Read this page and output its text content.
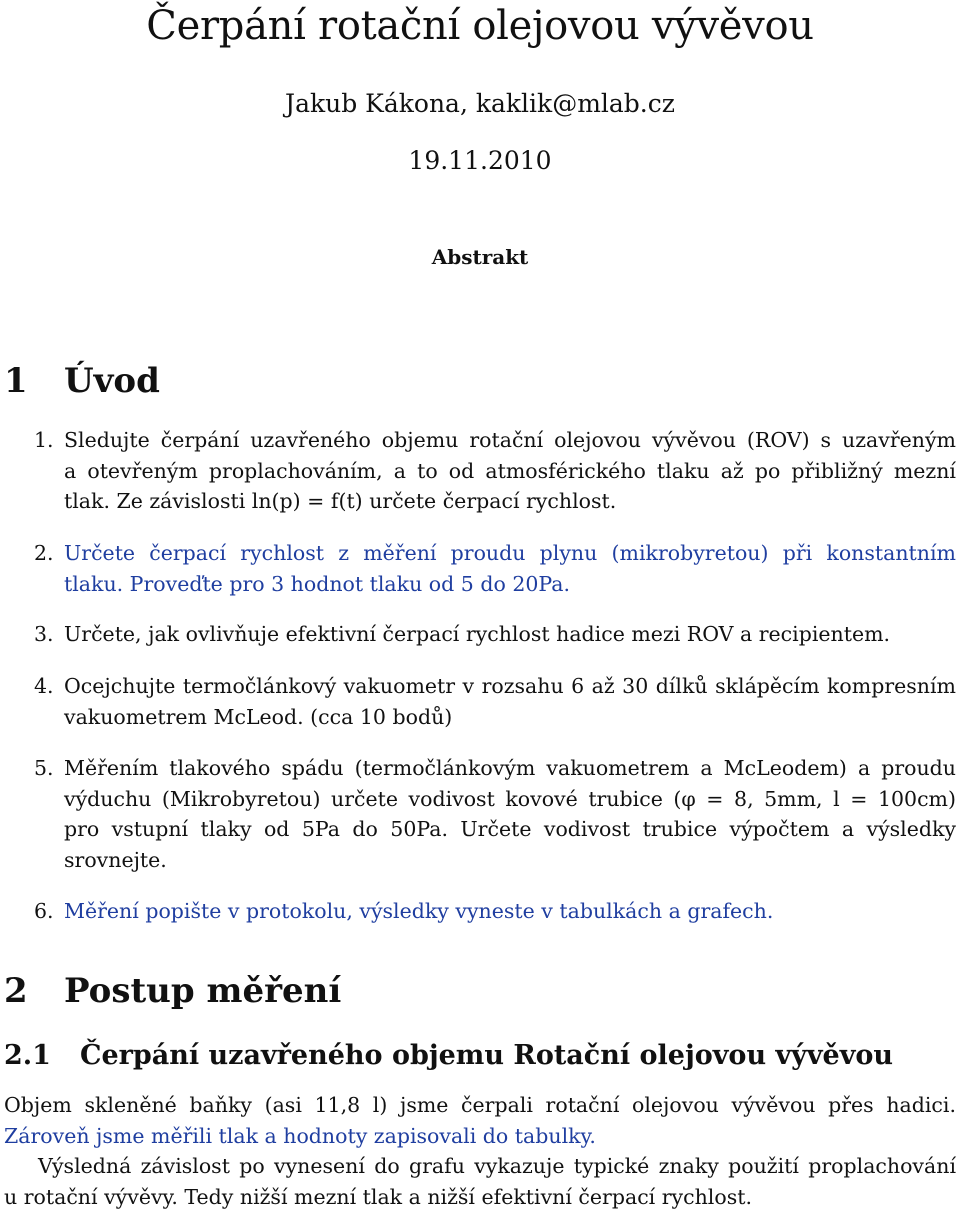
Čerpání rotační olejovou vývěvou
Jakub Kákona, kaklik@mlab.cz
19.11.2010
Abstrakt
1 Úvod
1. Sledujte čerpání uzavřeného objemu rotační olejovou vývěvou (ROV) s uzavřeným
a otevřeným proplachováním, a to od atmosférického tlaku až po přibližný mezní
tlak. Ze závislosti ln(p) = f(t) určete čerpací rychlost.
2. Určete čerpací rychlost z měření proudu plynu (mikrobyretou) při konstantním
tlaku. Proveďte pro 3 hodnot tlaku od 5 do 20Pa.
3. Určete, jak ovlivňuje efektivní čerpací rychlost hadice mezi ROV a recipientem.
4. Ocejchujte termočlánkový vakuometr v rozsahu 6 až 30 dílků sklápěcím kompresním
vakuometrem McLeod. (cca 10 bodů)
5. Měřením tlakového spádu (termočlánkovým vakuometrem a McLeodem) a proudu
výduchu (Mikrobyretou) určete vodivost kovové trubice (φ = 8, 5mm, l = 100cm)
pro vstupní tlaky od 5Pa do 50Pa. Určete vodivost trubice výpočtem a výsledky
srovnejte.
6. Měření popište v protokolu, výsledky vyneste v tabulkách a grafech.
2 Postup měření
2.1 Čerpání uzavřeného objemu Rotační olejovou vývěvou
Objem skleněné baňky (asi 11,8 l) jsme čerpali rotační olejovou vývěvou přes hadici.
Zároveň jsme měřili tlak a hodnoty zapisovali do tabulky.
Výsledná závislost po vynesení do grafu vykazuje typické znaky použití proplachování
u rotační vývěvy. Tedy nižší mezní tlak a nižší efektivní čerpací rychlost.
